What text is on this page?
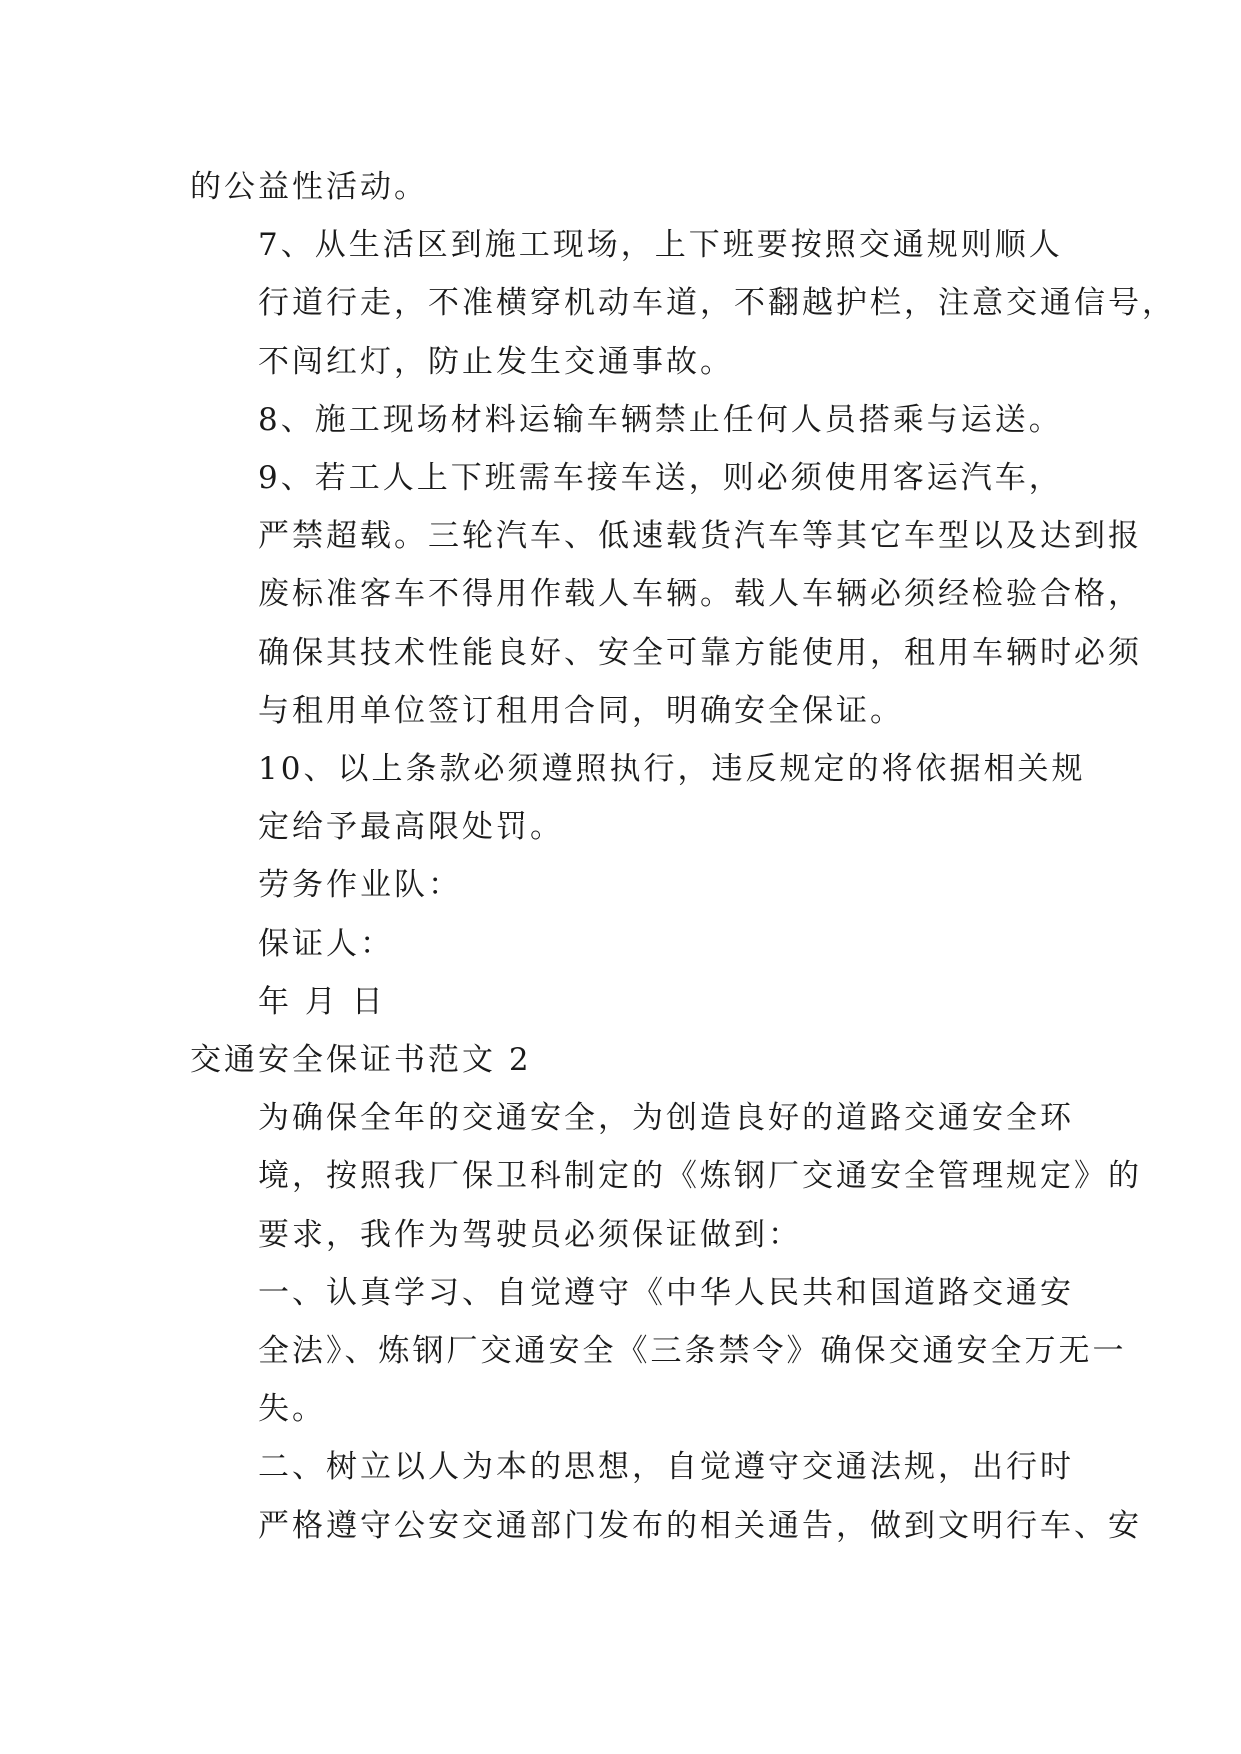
的公益性活动。

7、从生活区到施工现场，上下班要按照交通规则顺人
行道行走，不准横穿机动车道，不翻越护栏，注意交通信号，
不闯红灯，防止发生交通事故。

8、施工现场材料运输车辆禁止任何人员搭乘与运送。

9、若工人上下班需车接车送，则必须使用客运汽车，
严禁超载。三轮汽车、低速载货汽车等其它车型以及达到报
废标准客车不得用作载人车辆。载人车辆必须经检验合格，
确保其技术性能良好、安全可靠方能使用，租用车辆时必须
与租用单位签订租用合同，明确安全保证。

10、以上条款必须遵照执行，违反规定的将依据相关规
定给予最高限处罚。

劳务作业队：

保证人：

年 月 日

交通安全保证书范文 2

为确保全年的交通安全，为创造良好的道路交通安全环
境，按照我厂保卫科制定的《炼钢厂交通安全管理规定》的
要求，我作为驾驶员必须保证做到：

一、认真学习、自觉遵守《中华人民共和国道路交通安
全法》、炼钢厂交通安全《三条禁令》确保交通安全万无一
失。

二、树立以人为本的思想，自觉遵守交通法规，出行时
严格遵守公安交通部门发布的相关通告，做到文明行车、安
